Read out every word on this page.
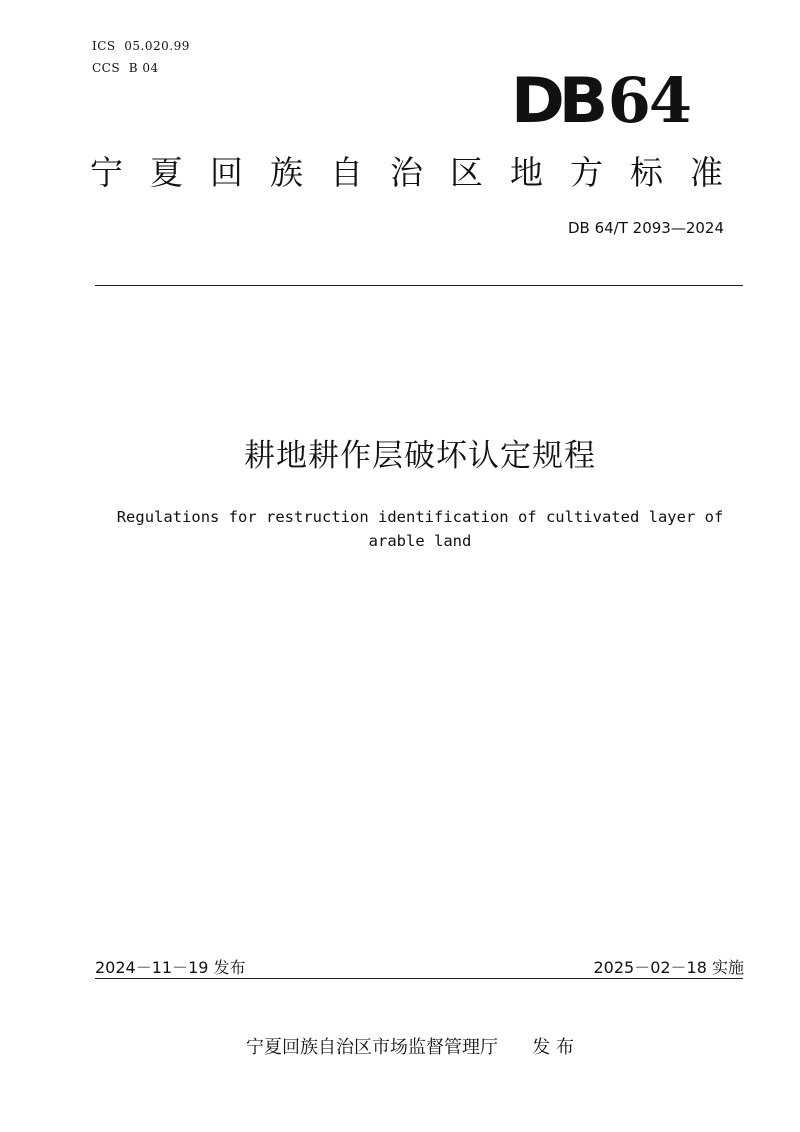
ICS  05.020.99
CCS  B 04	DB64
宁夏回族自治区地方标准
DB 64/T 2093—2024
耕地耕作层破坏认定规程
Regulations for restruction identification of cultivated layer of arable land
2024－11－19 发布	2025－02－18 实施
宁夏回族自治区市场监督管理厅      发 布
